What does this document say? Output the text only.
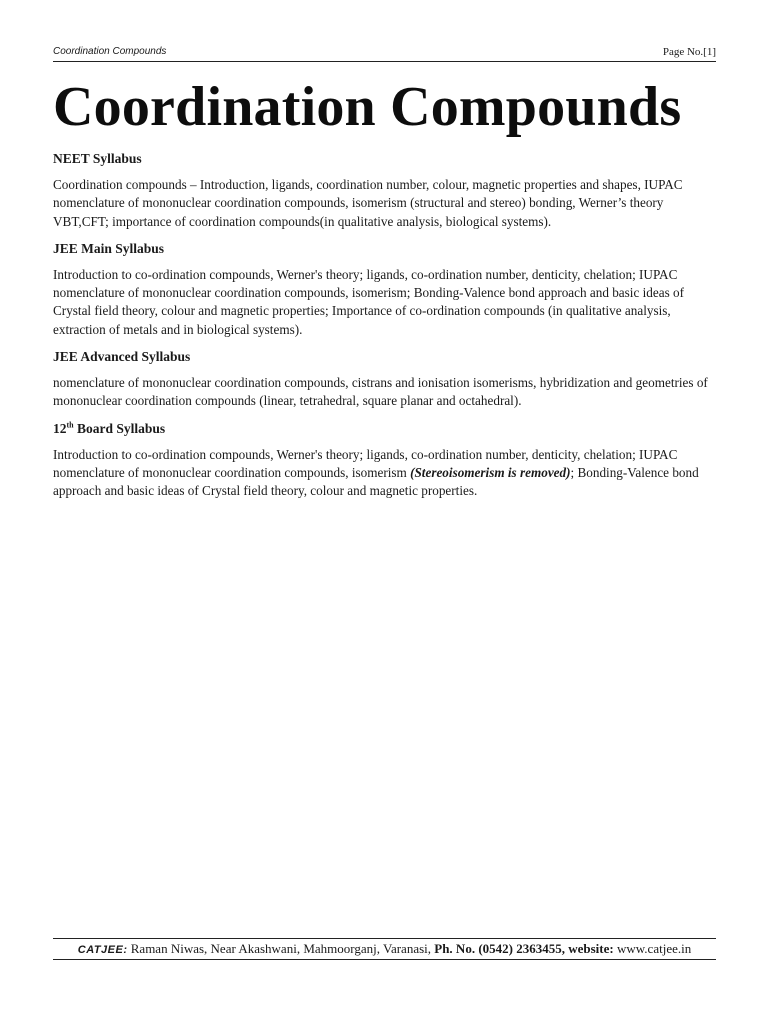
Coordination Compounds	Page No.[1]
Coordination Compounds

NEET Syllabus

Coordination compounds – Introduction, ligands, coordination number, colour, magnetic properties and shapes, IUPAC nomenclature of mononuclear coordination compounds, isomerism (structural and stereo) bonding, Werner’s theory VBT,CFT; importance of coordination compounds(in qualitative analysis, biological systems).

JEE Main Syllabus

Introduction to co-ordination compounds, Werner's theory; ligands, co-ordination number, denticity, chelation; IUPAC nomenclature of mononuclear coordination compounds, isomerism; Bonding-Valence bond approach and basic ideas of Crystal field theory, colour and magnetic properties; Importance of co-ordination compounds (in qualitative analysis, extraction of metals and in biological systems).

JEE Advanced Syllabus

nomenclature of mononuclear coordination compounds, cistrans and ionisation isomerisms, hybridization and geometries of mononuclear coordination compounds (linear, tetrahedral, square planar and octahedral).

12th Board Syllabus

Introduction to co-ordination compounds, Werner's theory; ligands, co-ordination number, denticity, chelation; IUPAC nomenclature of mononuclear coordination compounds, isomerism (Stereoisomerism is removed); Bonding-Valence bond approach and basic ideas of Crystal field theory, colour and magnetic properties.

CATJEE: Raman Niwas, Near Akashwani, Mahmoorganj, Varanasi, Ph. No. (0542) 2363455, website: www.catjee.in
